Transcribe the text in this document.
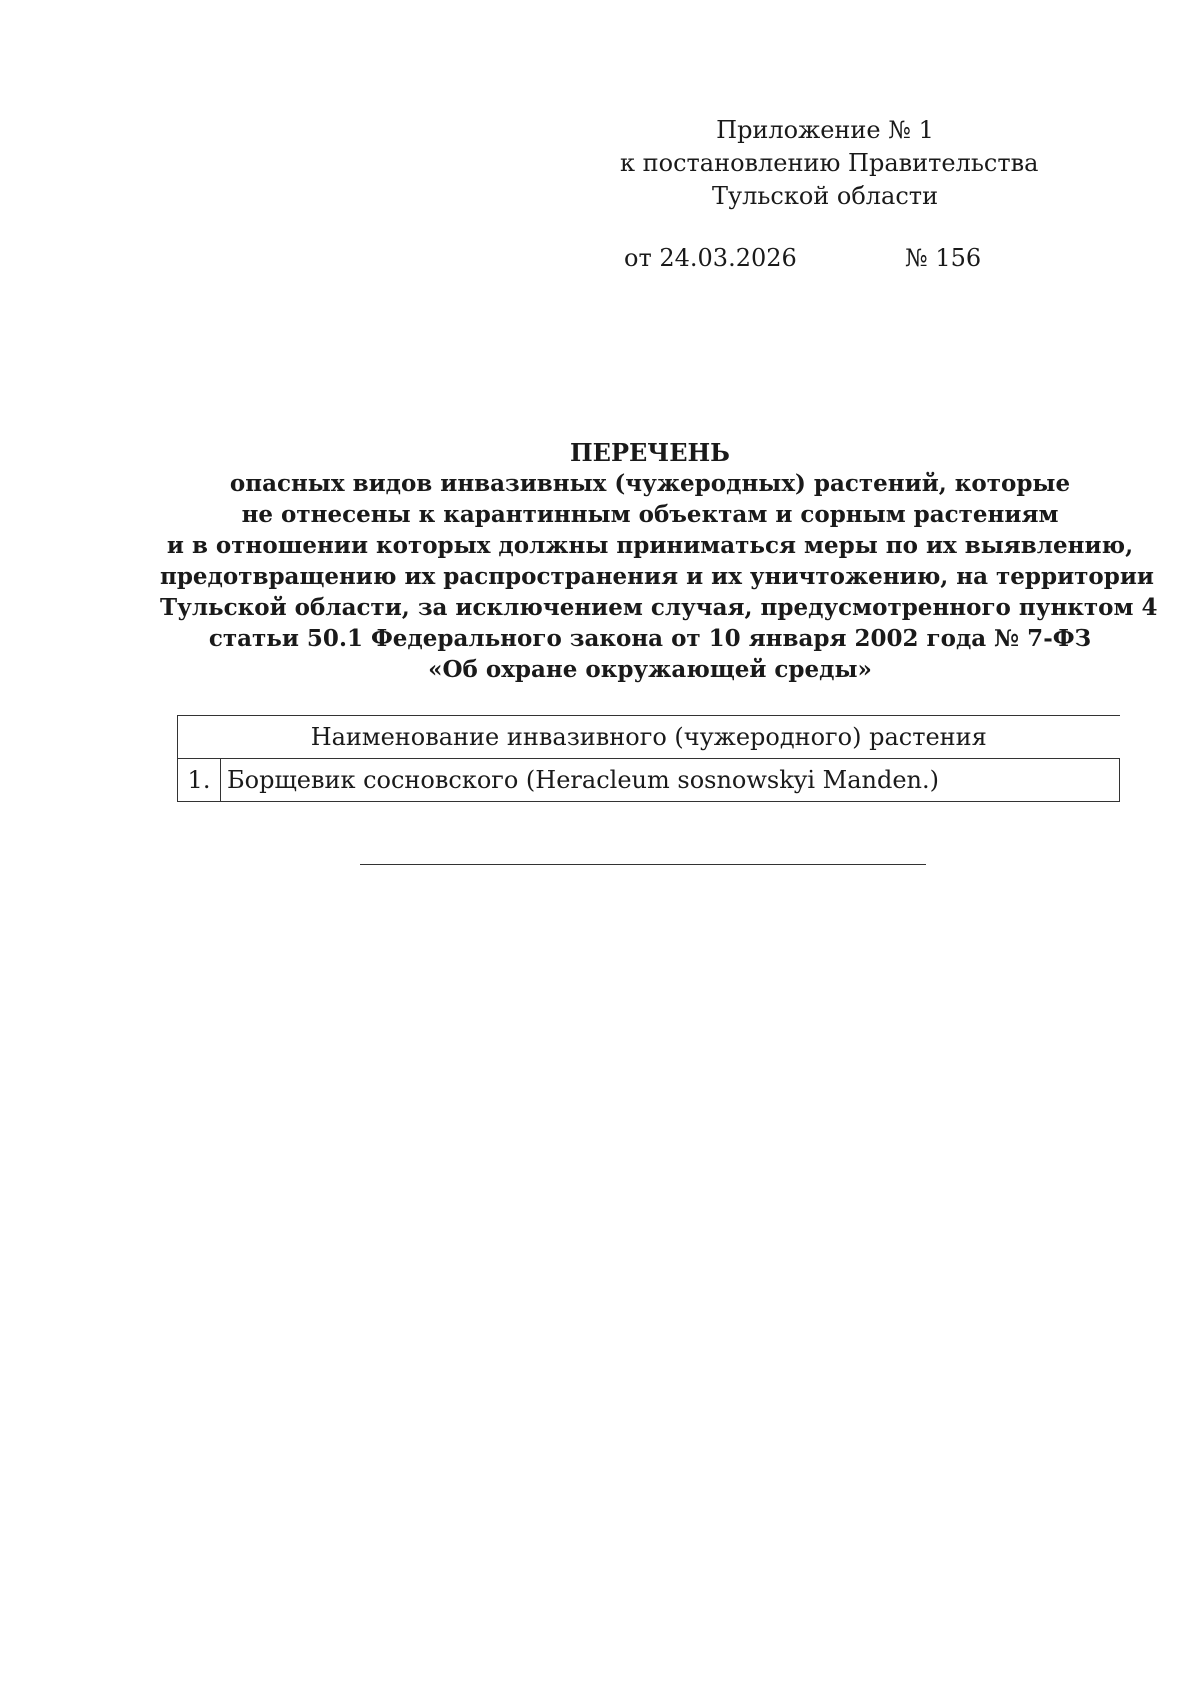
Приложение № 1
к постановлению Правительства
Тульской области
от 24.03.2026	№ 156
ПЕРЕЧЕНЬ
опасных видов инвазивных (чужеродных) растений, которые
не отнесены к карантинным объектам и сорным растениям
и в отношении которых должны приниматься меры по их выявлению,
предотвращению их распространения и их уничтожению, на территории
Тульской области, за исключением случая, предусмотренного пунктом 4
статьи 50.1 Федерального закона от 10 января 2002 года № 7-ФЗ
«Об охране окружающей среды»
Наименование инвазивного (чужеродного) растения
1.	Борщевик сосновского (Heracleum sosnowskyi Manden.)
